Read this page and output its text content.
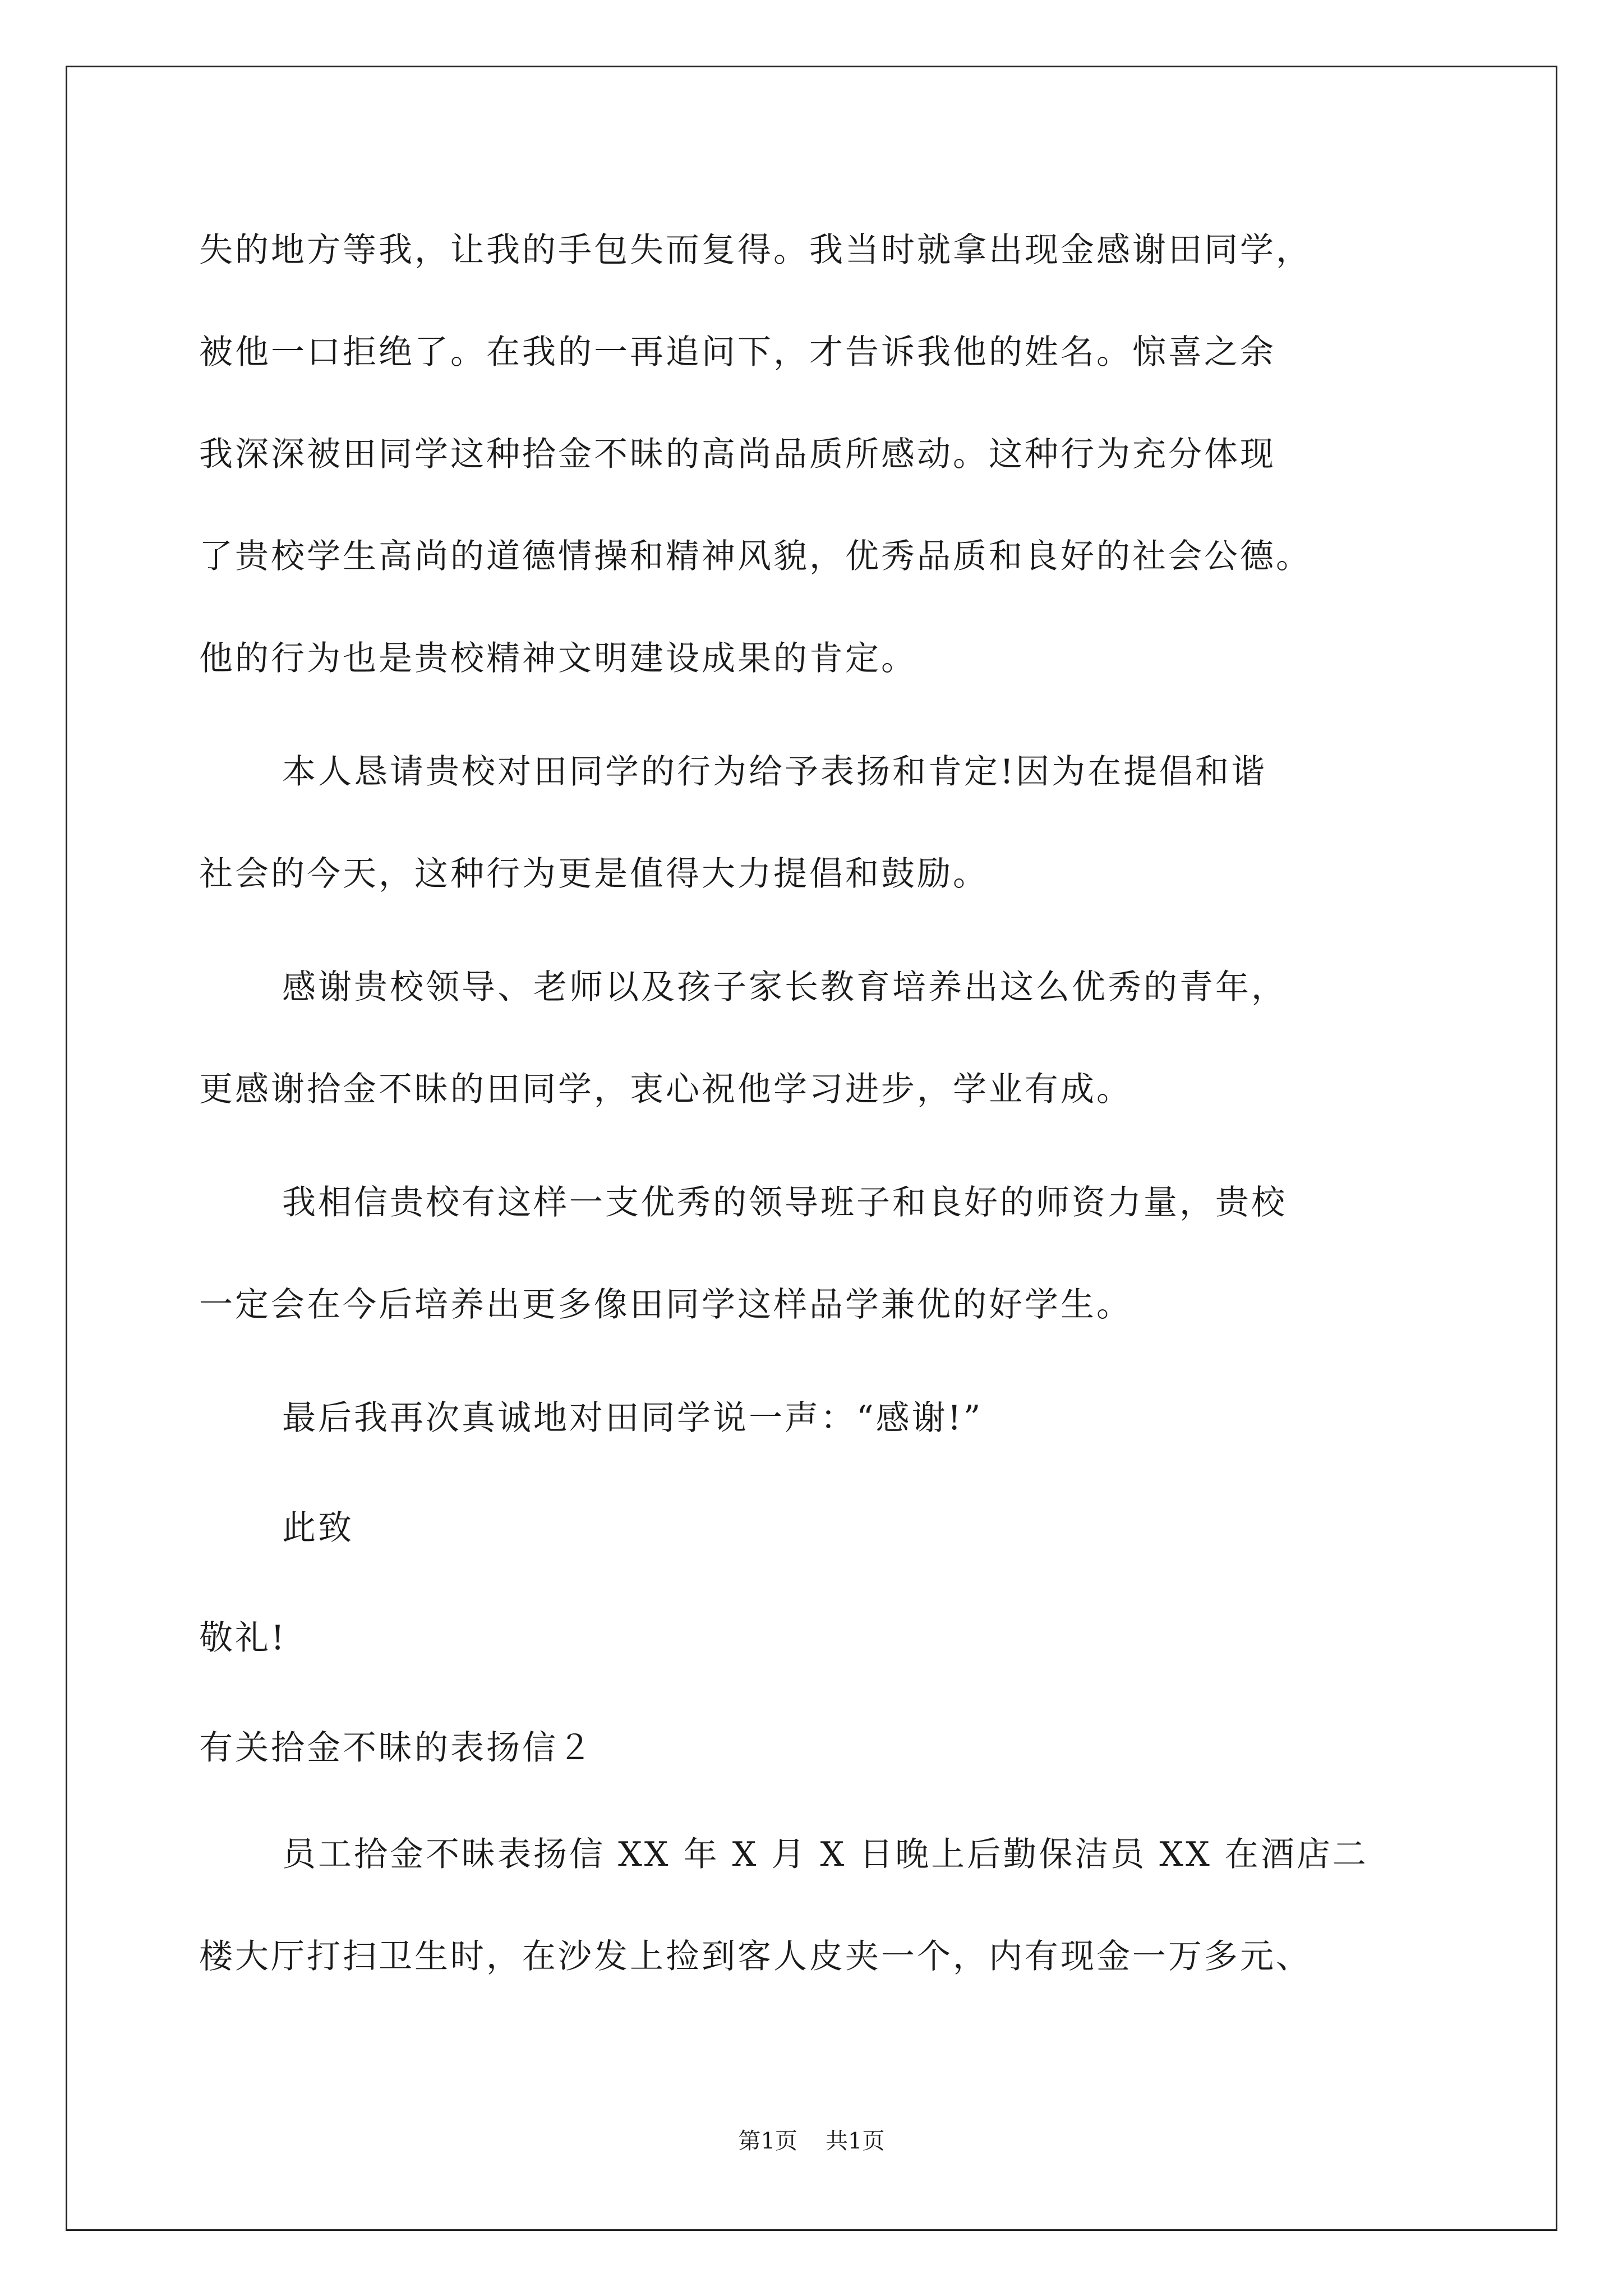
失的地方等我，让我的手包失而复得。我当时就拿出现金感谢田同学，
被他一口拒绝了。在我的一再追问下，才告诉我他的姓名。惊喜之余
我深深被田同学这种拾金不昧的高尚品质所感动。这种行为充分体现
了贵校学生高尚的道德情操和精神风貌，优秀品质和良好的社会公德。
他的行为也是贵校精神文明建设成果的肯定。
本人恳请贵校对田同学的行为给予表扬和肯定!因为在提倡和谐
社会的今天，这种行为更是值得大力提倡和鼓励。
感谢贵校领导、老师以及孩子家长教育培养出这么优秀的青年，
更感谢拾金不昧的田同学，衷心祝他学习进步，学业有成。
我相信贵校有这样一支优秀的领导班子和良好的师资力量，贵校
一定会在今后培养出更多像田同学这样品学兼优的好学生。
最后我再次真诚地对田同学说一声：“感谢!”
此致
敬礼!
有关拾金不昧的表扬信２
员工拾金不昧表扬信 XX 年 X 月 X 日晚上后勤保洁员 XX 在酒店二
楼大厅打扫卫生时，在沙发上捡到客人皮夹一个，内有现金一万多元、
第1页 共1页
